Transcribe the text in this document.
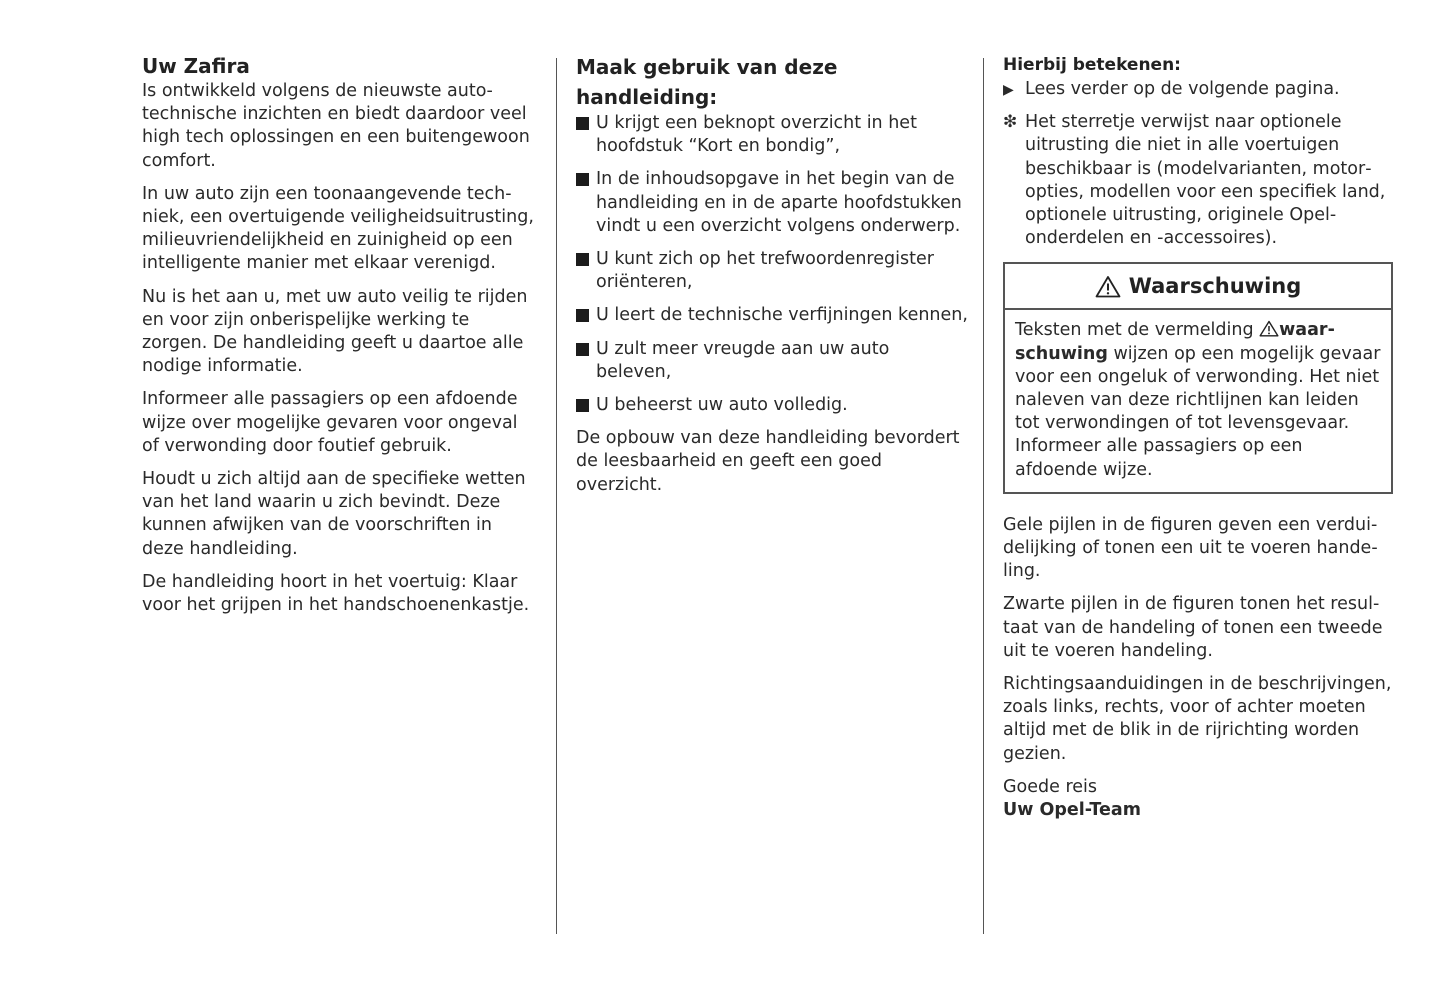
Uw Zafira

Is ontwikkeld volgens de nieuwste autotechnische inzichten en biedt daardoor veel high tech oplossingen en een buitengewoon comfort.

In uw auto zijn een toonaangevende techniek, een overtuigende veiligheidsuitrusting, milieuvriendelijkheid en zuinigheid op een intelligente manier met elkaar verenigd.

Nu is het aan u, met uw auto veilig te rijden en voor zijn onberispelijke werking te zorgen. De handleiding geeft u daartoe alle nodige informatie.

Informeer alle passagiers op een afdoende wijze over mogelijke gevaren voor ongeval of verwonding door foutief gebruik.

Houdt u zich altijd aan de specifieke wetten van het land waarin u zich bevindt. Deze kunnen afwijken van de voorschriften in deze handleiding.

De handleiding hoort in het voertuig: Klaar voor het grijpen in het handschoenenkastje.

Maak gebruik van deze handleiding:
U krijgt een beknopt overzicht in het hoofdstuk “Kort en bondig”,
In de inhoudsopgave in het begin van de handleiding en in de aparte hoofdstukken vindt u een overzicht volgens onderwerp.
U kunt zich op het trefwoordenregister oriënteren,
U leert de technische verfijningen kennen,
U zult meer vreugde aan uw auto beleven,
U beheerst uw auto volledig.

De opbouw van deze handleiding bevordert de leesbaarheid en geeft een goed overzicht.

Hierbij betekenen:
▶ Lees verder op de volgende pagina.
❇ Het sterretje verwijst naar optionele uitrusting die niet in alle voertuigen beschikbaar is (modelvarianten, motoropties, modellen voor een specifiek land, optionele uitrusting, originele Opel-onderdelen en -accessoires).
Waarschuwing
Teksten met de vermelding waarschuwing wijzen op een mogelijk gevaar voor een ongeluk of verwonding. Het niet naleven van deze richtlijnen kan leiden tot verwondingen of tot levensgevaar. Informeer alle passagiers op een afdoende wijze.

Gele pijlen in de figuren geven een verduidelijking of tonen een uit te voeren handeling.

Zwarte pijlen in de figuren tonen het resultaat van de handeling of tonen een tweede uit te voeren handeling.

Richtingsaanduidingen in de beschrijvingen, zoals links, rechts, voor of achter moeten altijd met de blik in de rijrichting worden gezien.

Goede reis

Uw Opel-Team
